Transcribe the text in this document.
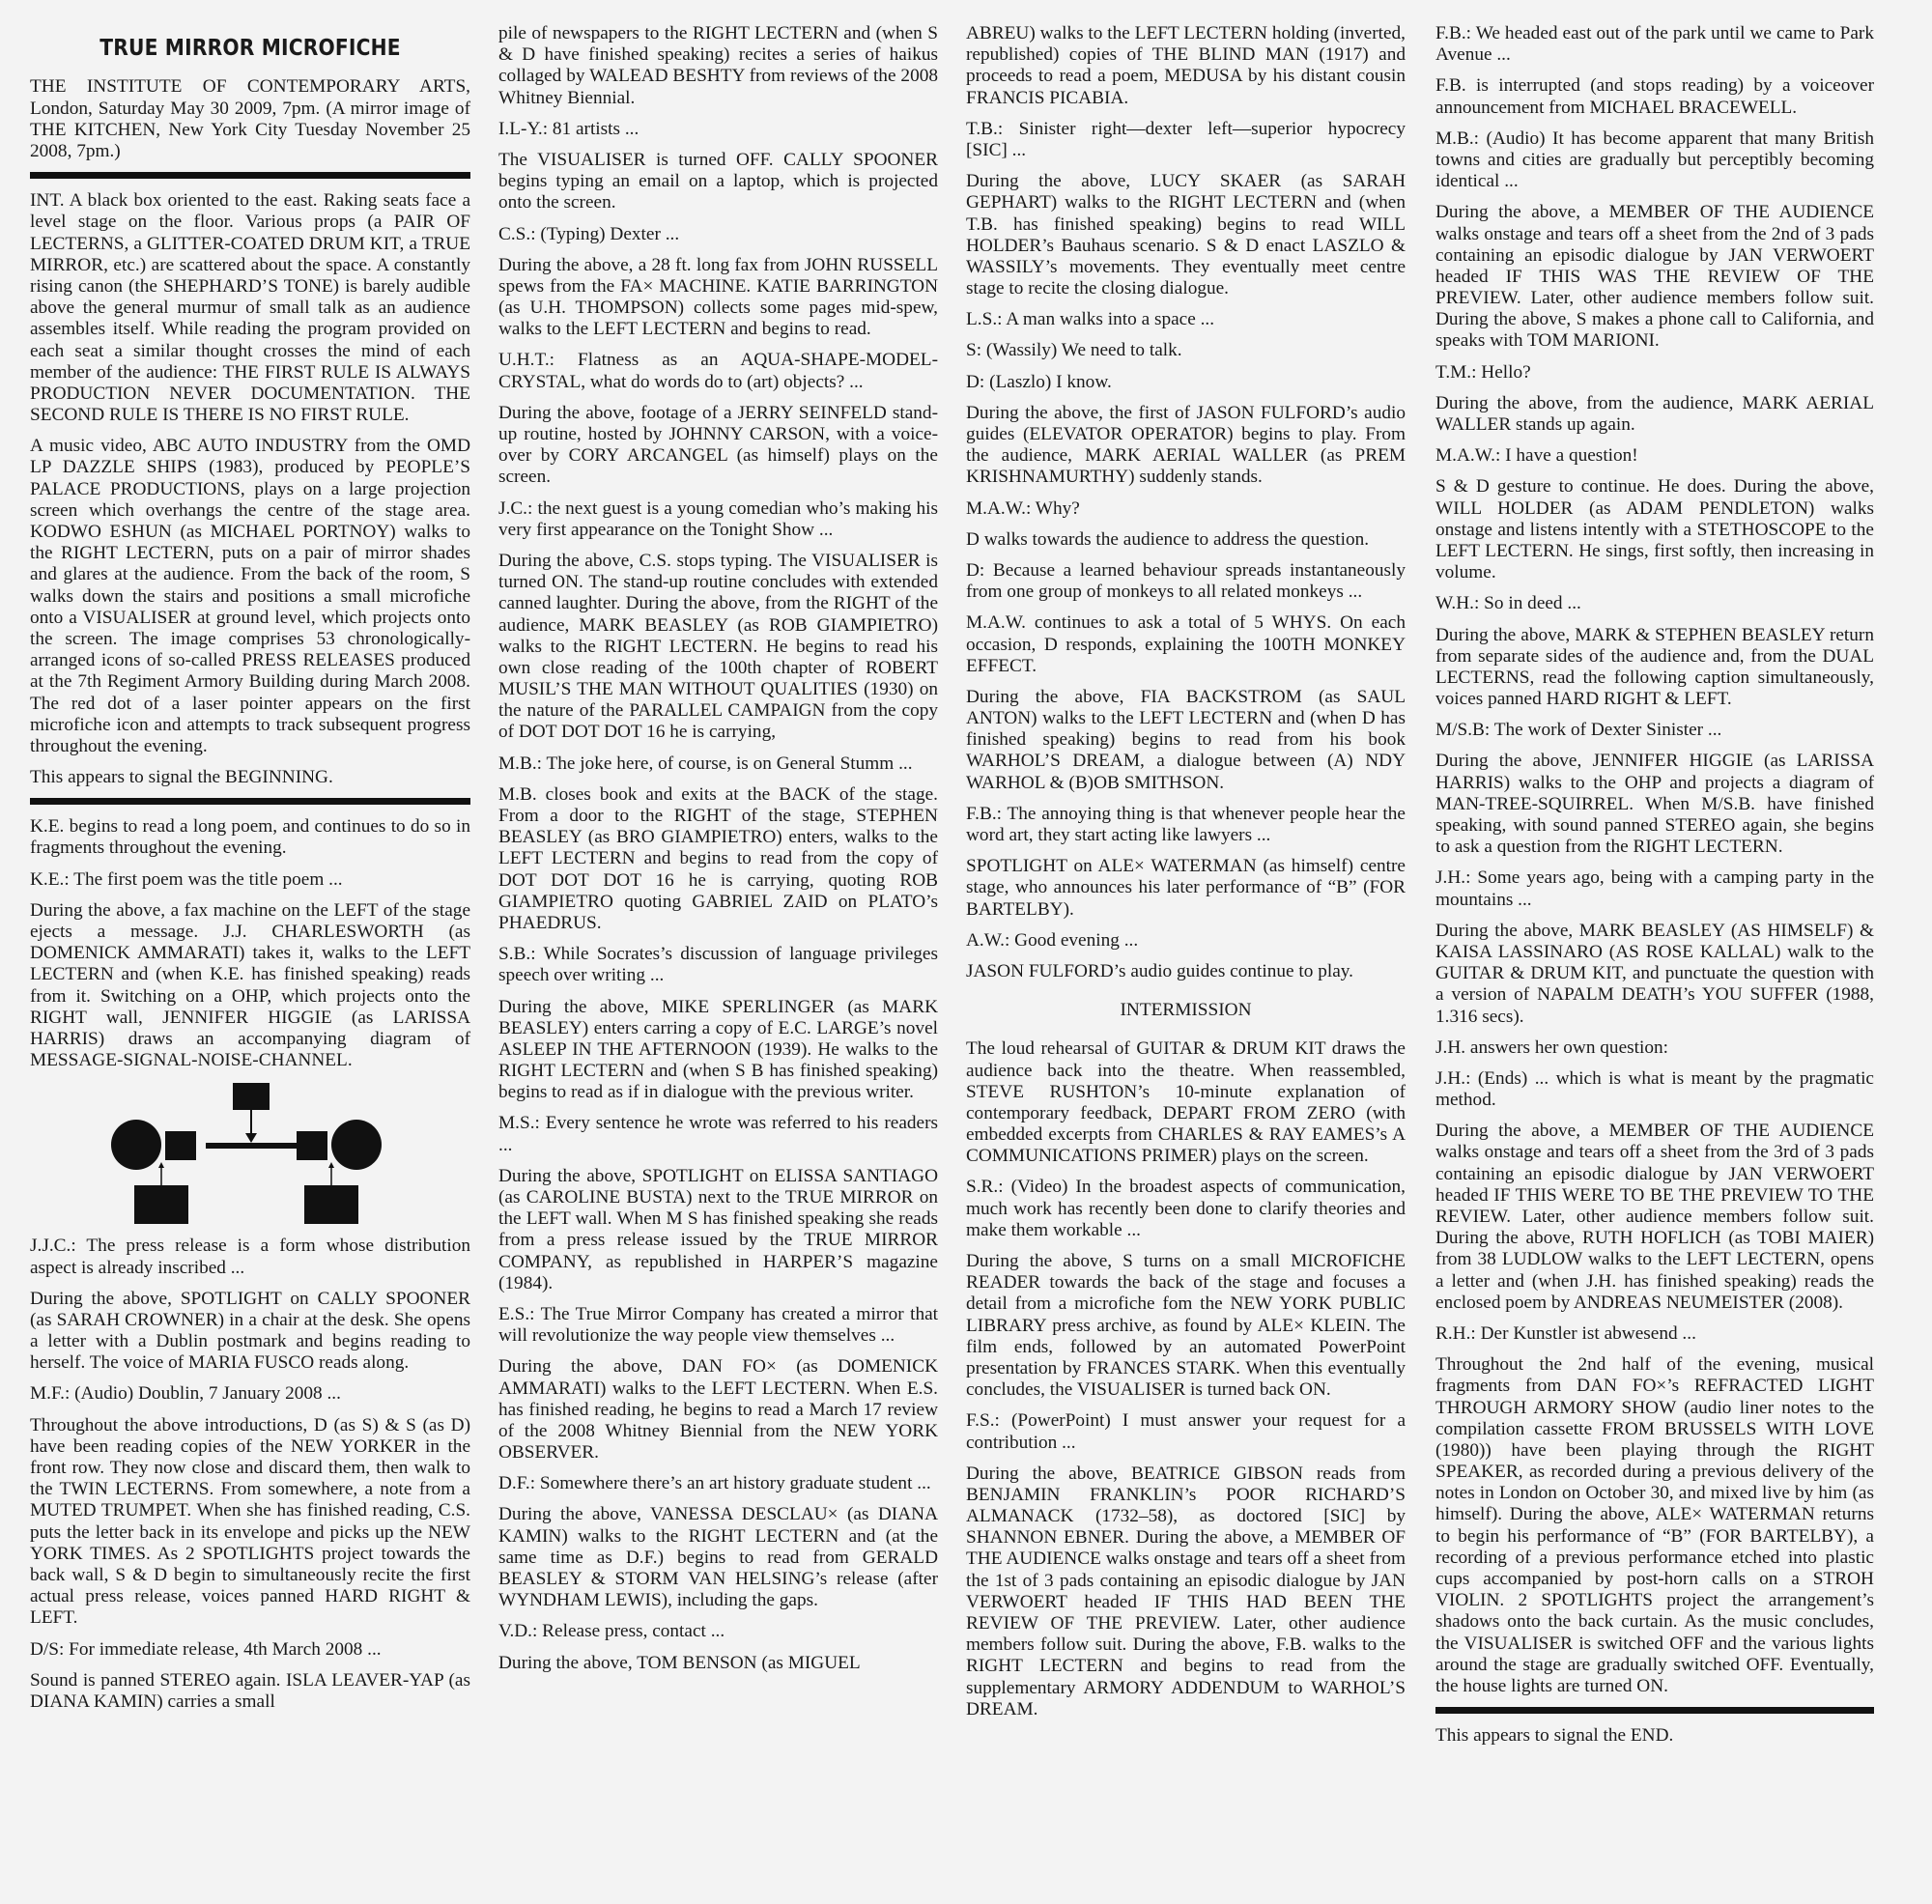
TRUE MIRROR MICROFICHE

THE INSTITUTE OF CONTEMPORARY ARTS, London, Saturday May 30 2009, 7pm. (A mirror image of THE KITCHEN, New York City Tuesday November 25 2008, 7pm.)

INT. A black box oriented to the east. Raking seats face a level stage on the floor. Various props (a PAIR OF LECTERNS, a GLITTER-COATED DRUM KIT, a TRUE MIRROR, etc.) are scattered about the space. A constantly rising canon (the SHEPHARD’S TONE) is barely audible above the general murmur of small talk as an audience assembles itself. While reading the program provided on each seat a similar thought crosses the mind of each member of the audience: THE FIRST RULE IS ALWAYS PRODUCTION NEVER DOCUMENTATION. THE SECOND RULE IS THERE IS NO FIRST RULE.

A music video, ABC AUTO INDUSTRY from the OMD LP DAZZLE SHIPS (1983), produced by PEOPLE’S PALACE PRODUCTIONS, plays on a large projection screen which overhangs the centre of the stage area. KODWO ESHUN (as MICHAEL PORTNOY) walks to the RIGHT LECTERN, puts on a pair of mirror shades and glares at the audience. From the back of the room, S walks down the stairs and positions a small microfiche onto a VISUALISER at ground level, which projects onto the screen. The image comprises 53 chronologically-arranged icons of so-called PRESS RELEASES produced at the 7th Regiment Armory Building during March 2008. The red dot of a laser pointer appears on the first microfiche icon and attempts to track subsequent progress throughout the evening.

This appears to signal the BEGINNING.

K.E. begins to read a long poem, and continues to do so in fragments throughout the evening.

K.E.: The first poem was the title poem ...

During the above, a fax machine on the LEFT of the stage ejects a message. J.J. CHARLESWORTH (as DOMENICK AMMARATI) takes it, walks to the LEFT LECTERN and (when K.E. has finished speaking) reads from it. Switching on a OHP, which projects onto the RIGHT wall, JENNIFER HIGGIE (as LARISSA HARRIS) draws an accompanying diagram of MESSAGE-SIGNAL-NOISE-CHANNEL.

J.J.C.: The press release is a form whose distribution aspect is already inscribed ...

During the above, SPOTLIGHT on CALLY SPOONER (as SARAH CROWNER) in a chair at the desk. She opens a letter with a Dublin postmark and begins reading to herself. The voice of MARIA FUSCO reads along.

M.F.: (Audio) Doublin, 7 January 2008 ...

Throughout the above introductions, D (as S) & S (as D) have been reading copies of the NEW YORKER in the front row. They now close and discard them, then walk to the TWIN LECTERNS. From somewhere, a note from a MUTED TRUMPET. When she has finished reading, C.S. puts the letter back in its envelope and picks up the NEW YORK TIMES. As 2 SPOTLIGHTS project towards the back wall, S & D begin to simultaneously recite the first actual press release, voices panned HARD RIGHT & LEFT.

D/S: For immediate release, 4th March 2008 ...

Sound is panned STEREO again. ISLA LEAVER-YAP (as DIANA KAMIN) carries a small

pile of newspapers to the RIGHT LECTERN and (when S & D have finished speaking) recites a series of haikus collaged by WALEAD BESHTY from reviews of the 2008 Whitney Biennial.

I.L-Y.: 81 artists ...

The VISUALISER is turned OFF. CALLY SPOONER begins typing an email on a laptop, which is projected onto the screen.

C.S.: (Typing) Dexter ...

During the above, a 28 ft. long fax from JOHN RUSSELL spews from the FA× MACHINE. KATIE BARRINGTON (as U.H. THOMPSON) collects some pages mid-spew, walks to the LEFT LECTERN and begins to read.

U.H.T.: Flatness as an AQUA-SHAPE-MODEL-CRYSTAL, what do words do to (art) objects? ...

During the above, footage of a JERRY SEINFELD stand-up routine, hosted by JOHNNY CARSON, with a voice-over by CORY ARCANGEL (as himself) plays on the screen.

J.C.: the next guest is a young comedian who’s making his very first appearance on the Tonight Show ...

During the above, C.S. stops typing. The VISUALISER is turned ON. The stand-up routine concludes with extended canned laughter. During the above, from the RIGHT of the audience, MARK BEASLEY (as ROB GIAMPIETRO) walks to the RIGHT LECTERN. He begins to read his own close reading of the 100th chapter of ROBERT MUSIL’S THE MAN WITHOUT QUALITIES (1930) on the nature of the PARALLEL CAMPAIGN from the copy of DOT DOT DOT 16 he is carrying,

M.B.: The joke here, of course, is on General Stumm ...

M.B. closes book and exits at the BACK of the stage. From a door to the RIGHT of the stage, STEPHEN BEASLEY (as BRO GIAMPIETRO) enters, walks to the LEFT LECTERN and begins to read from the copy of DOT DOT DOT 16 he is carrying, quoting ROB GIAMPIETRO quoting GABRIEL ZAID on PLATO’s PHAEDRUS.

S.B.: While Socrates’s discussion of language privileges speech over writing ...

During the above, MIKE SPERLINGER (as MARK BEASLEY) enters carring a copy of E.C. LARGE’s novel ASLEEP IN THE AFTERNOON (1939). He walks to the RIGHT LECTERN and (when S B has finished speaking) begins to read as if in dialogue with the previous writer.

M.S.: Every sentence he wrote was referred to his readers ...

During the above, SPOTLIGHT on ELISSA SANTIAGO (as CAROLINE BUSTA) next to the TRUE MIRROR on the LEFT wall. When M S has finished speaking she reads from a press release issued by the TRUE MIRROR COMPANY, as republished in HARPER’S magazine (1984).

E.S.: The True Mirror Company has created a mirror that will revolutionize the way people view themselves ...

During the above, DAN FO× (as DOMENICK AMMARATI) walks to the LEFT LECTERN. When E.S. has finished reading, he begins to read a March 17 review of the 2008 Whitney Biennial from the NEW YORK OBSERVER.

D.F.: Somewhere there’s an art history graduate student ...

During the above, VANESSA DESCLAU× (as DIANA KAMIN) walks to the RIGHT LECTERN and (at the same time as D.F.) begins to read from GERALD BEASLEY & STORM VAN HELSING’s release (after WYNDHAM LEWIS), including the gaps.

V.D.: Release press, contact ...

During the above, TOM BENSON (as MIGUEL

ABREU) walks to the LEFT LECTERN holding (inverted, republished) copies of THE BLIND MAN (1917) and proceeds to read a poem, MEDUSA by his distant cousin FRANCIS PICABIA.

T.B.: Sinister right—dexter left—superior hypocrecy [SIC] ...

During the above, LUCY SKAER (as SARAH GEPHART) walks to the RIGHT LECTERN and (when T.B. has finished speaking) begins to read WILL HOLDER’s Bauhaus scenario. S & D enact LASZLO & WASSILY’s movements. They eventually meet centre stage to recite the closing dialogue.

L.S.: A man walks into a space ...

S: (Wassily) We need to talk.

D: (Laszlo) I know.

During the above, the first of JASON FULFORD’s audio guides (ELEVATOR OPERATOR) begins to play. From the audience, MARK AERIAL WALLER (as PREM KRISHNAMURTHY) suddenly stands.

M.A.W.: Why?

D walks towards the audience to address the question.

D: Because a learned behaviour spreads instantaneously from one group of monkeys to all related monkeys ...

M.A.W. continues to ask a total of 5 WHYS. On each occasion, D responds, explaining the 100TH MONKEY EFFECT.

During the above, FIA BACKSTROM (as SAUL ANTON) walks to the LEFT LECTERN and (when D has finished speaking) begins to read from his book WARHOL’S DREAM, a dialogue between (A) NDY WARHOL & (B)OB SMITHSON.

F.B.: The annoying thing is that whenever people hear the word art, they start acting like lawyers ...

SPOTLIGHT on ALE× WATERMAN (as himself) centre stage, who announces his later performance of “B” (FOR BARTELBY).

A.W.: Good evening ...

JASON FULFORD’s audio guides continue to play.

INTERMISSION

The loud rehearsal of GUITAR & DRUM KIT draws the audience back into the theatre. When reassembled, STEVE RUSHTON’s 10-minute explanation of contemporary feedback, DEPART FROM ZERO (with embedded excerpts from CHARLES & RAY EAMES’s A COMMUNICATIONS PRIMER) plays on the screen.

S.R.: (Video) In the broadest aspects of communication, much work has recently been done to clarify theories and make them workable ...

During the above, S turns on a small MICROFICHE READER towards the back of the stage and focuses a detail from a microfiche fom the NEW YORK PUBLIC LIBRARY press archive, as found by ALE× KLEIN. The film ends, followed by an automated PowerPoint presentation by FRANCES STARK. When this eventually concludes, the VISUALISER is turned back ON.

F.S.: (PowerPoint) I must answer your request for a contribution ...

During the above, BEATRICE GIBSON reads from BENJAMIN FRANKLIN’s POOR RICHARD’S ALMANACK (1732–58), as doctored [SIC] by SHANNON EBNER. During the above, a MEMBER OF THE AUDIENCE walks onstage and tears off a sheet from the 1st of 3 pads containing an episodic dialogue by JAN VERWOERT headed IF THIS HAD BEEN THE REVIEW OF THE PREVIEW. Later, other audience members follow suit. During the above, F.B. walks to the RIGHT LECTERN and begins to read from the supplementary ARMORY ADDENDUM to WARHOL’S DREAM.

F.B.: We headed east out of the park until we came to Park Avenue ...

F.B. is interrupted (and stops reading) by a voiceover announcement from MICHAEL BRACEWELL.

M.B.: (Audio) It has become apparent that many British towns and cities are gradually but perceptibly becoming identical ...

During the above, a MEMBER OF THE AUDIENCE walks onstage and tears off a sheet from the 2nd of 3 pads containing an episodic dialogue by JAN VERWOERT headed IF THIS WAS THE REVIEW OF THE PREVIEW. Later, other audience members follow suit. During the above, S makes a phone call to California, and speaks with TOM MARIONI.

T.M.: Hello?

During the above, from the audience, MARK AERIAL WALLER stands up again.

M.A.W.: I have a question!

S & D gesture to continue. He does. During the above, WILL HOLDER (as ADAM PENDLETON) walks onstage and listens intently with a STETHOSCOPE to the LEFT LECTERN. He sings, first softly, then increasing in volume.

W.H.: So in deed ...

During the above, MARK & STEPHEN BEASLEY return from separate sides of the audience and, from the DUAL LECTERNS, read the following caption simultaneously, voices panned HARD RIGHT & LEFT.

M/S.B: The work of Dexter Sinister ...

During the above, JENNIFER HIGGIE (as LARISSA HARRIS) walks to the OHP and projects a diagram of MAN-TREE-SQUIRREL. When M/S.B. have finished speaking, with sound panned STEREO again, she begins to ask a question from the RIGHT LECTERN.

J.H.: Some years ago, being with a camping party in the mountains ...

During the above, MARK BEASLEY (AS HIMSELF) & KAISA LASSINARO (AS ROSE KALLAL) walk to the GUITAR & DRUM KIT, and punctuate the question with a version of NAPALM DEATH’s YOU SUFFER (1988, 1.316 secs).

J.H. answers her own question:

J.H.: (Ends) ... which is what is meant by the pragmatic method.

During the above, a MEMBER OF THE AUDIENCE walks onstage and tears off a sheet from the 3rd of 3 pads containing an episodic dialogue by JAN VERWOERT headed IF THIS WERE TO BE THE PREVIEW TO THE REVIEW. Later, other audience members follow suit. During the above, RUTH HOFLICH (as TOBI MAIER) from 38 LUDLOW walks to the LEFT LECTERN, opens a letter and (when J.H. has finished speaking) reads the enclosed poem by ANDREAS NEUMEISTER (2008).

R.H.: Der Kunstler ist abwesend ...

Throughout the 2nd half of the evening, musical fragments from DAN FO×’s REFRACTED LIGHT THROUGH ARMORY SHOW (audio liner notes to the compilation cassette FROM BRUSSELS WITH LOVE (1980)) have been playing through the RIGHT SPEAKER, as recorded during a previous delivery of the notes in London on October 30, and mixed live by him (as himself). During the above, ALE× WATERMAN returns to begin his performance of “B” (FOR BARTELBY), a recording of a previous performance etched into plastic cups accompanied by post-horn calls on a STROH VIOLIN. 2 SPOTLIGHTS project the arrangement’s shadows onto the back curtain. As the music concludes, the VISUALISER is switched OFF and the various lights around the stage are gradually switched OFF. Eventually, the house lights are turned ON.

This appears to signal the END.
